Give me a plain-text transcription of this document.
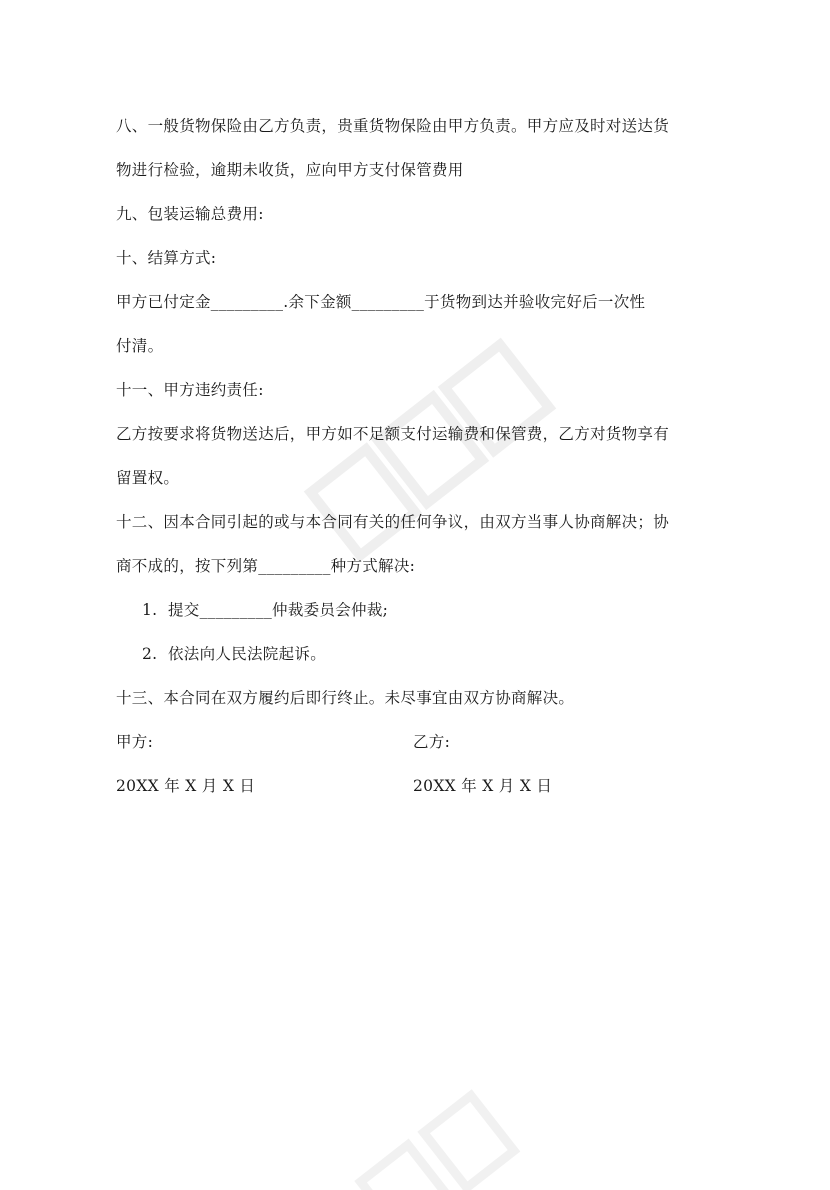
八、一般货物保险由乙方负责，贵重货物保险由甲方负责。甲方应及时对送达货

物进行检验，逾期未收货，应向甲方支付保管费用

九、包装运输总费用:

十、结算方式:

甲方已付定金_________.余下金额_________于货物到达并验收完好后一次性

付清。

十一、甲方违约责任:

乙方按要求将货物送达后，甲方如不足额支付运输费和保管费，乙方对货物享有

留置权。

十二、因本合同引起的或与本合同有关的任何争议，由双方当事人协商解决；协

商不成的，按下列第_________种方式解决:

1. 提交_________仲裁委员会仲裁;
2. 依法向人民法院起诉。

十三、本合同在双方履约后即行终止。未尽事宜由双方协商解决。

甲方:	乙方:
20XX 年 X 月 X 日	20XX 年 X 月 X 日
